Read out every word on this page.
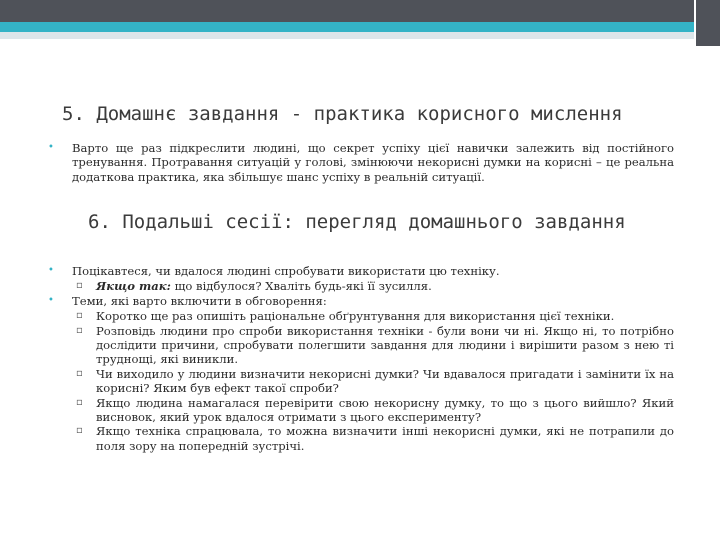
5. Домашнє завдання - практика корисного мислення

• Варто ще раз підкреслити людині, що секрет успіху цієї навички залежить від постійного тренування. Протравання ситуацій у голові, змінюючи некорисні думки на корисні – це реальна додаткова практика, яка збільшує шанс успіху в реальній ситуації.

6. Подальші сесії: перегляд домашнього завдання

• Поцікавтеся, чи вдалося людині спробувати використати цю техніку.

▫ Якщо так: що відбулося? Хваліть будь-які її зусилля.

• Теми, які варто включити в обговорення:

▫ Коротко ще раз опишіть раціональне обґрунтування для використання цієї техніки.

▫ Розповідь людини про спроби використання техніки - були вони чи ні. Якщо ні, то потрібно дослідити причини, спробувати полегшити завдання для людини і вирішити разом з нею ті труднощі, які виникли.

▫ Чи виходило у людини визначити некорисні думки? Чи вдавалося пригадати і замінити їх на корисні? Яким був ефект такої спроби?

▫ Якщо людина намагалася перевірити свою некорисну думку, то що з цього вийшло? Який висновок, який урок вдалося отримати з цього експерименту?

▫ Якщо техніка спрацювала, то можна визначити інші некорисні думки, які не потрапили до поля зору на попередній зустрічі.
